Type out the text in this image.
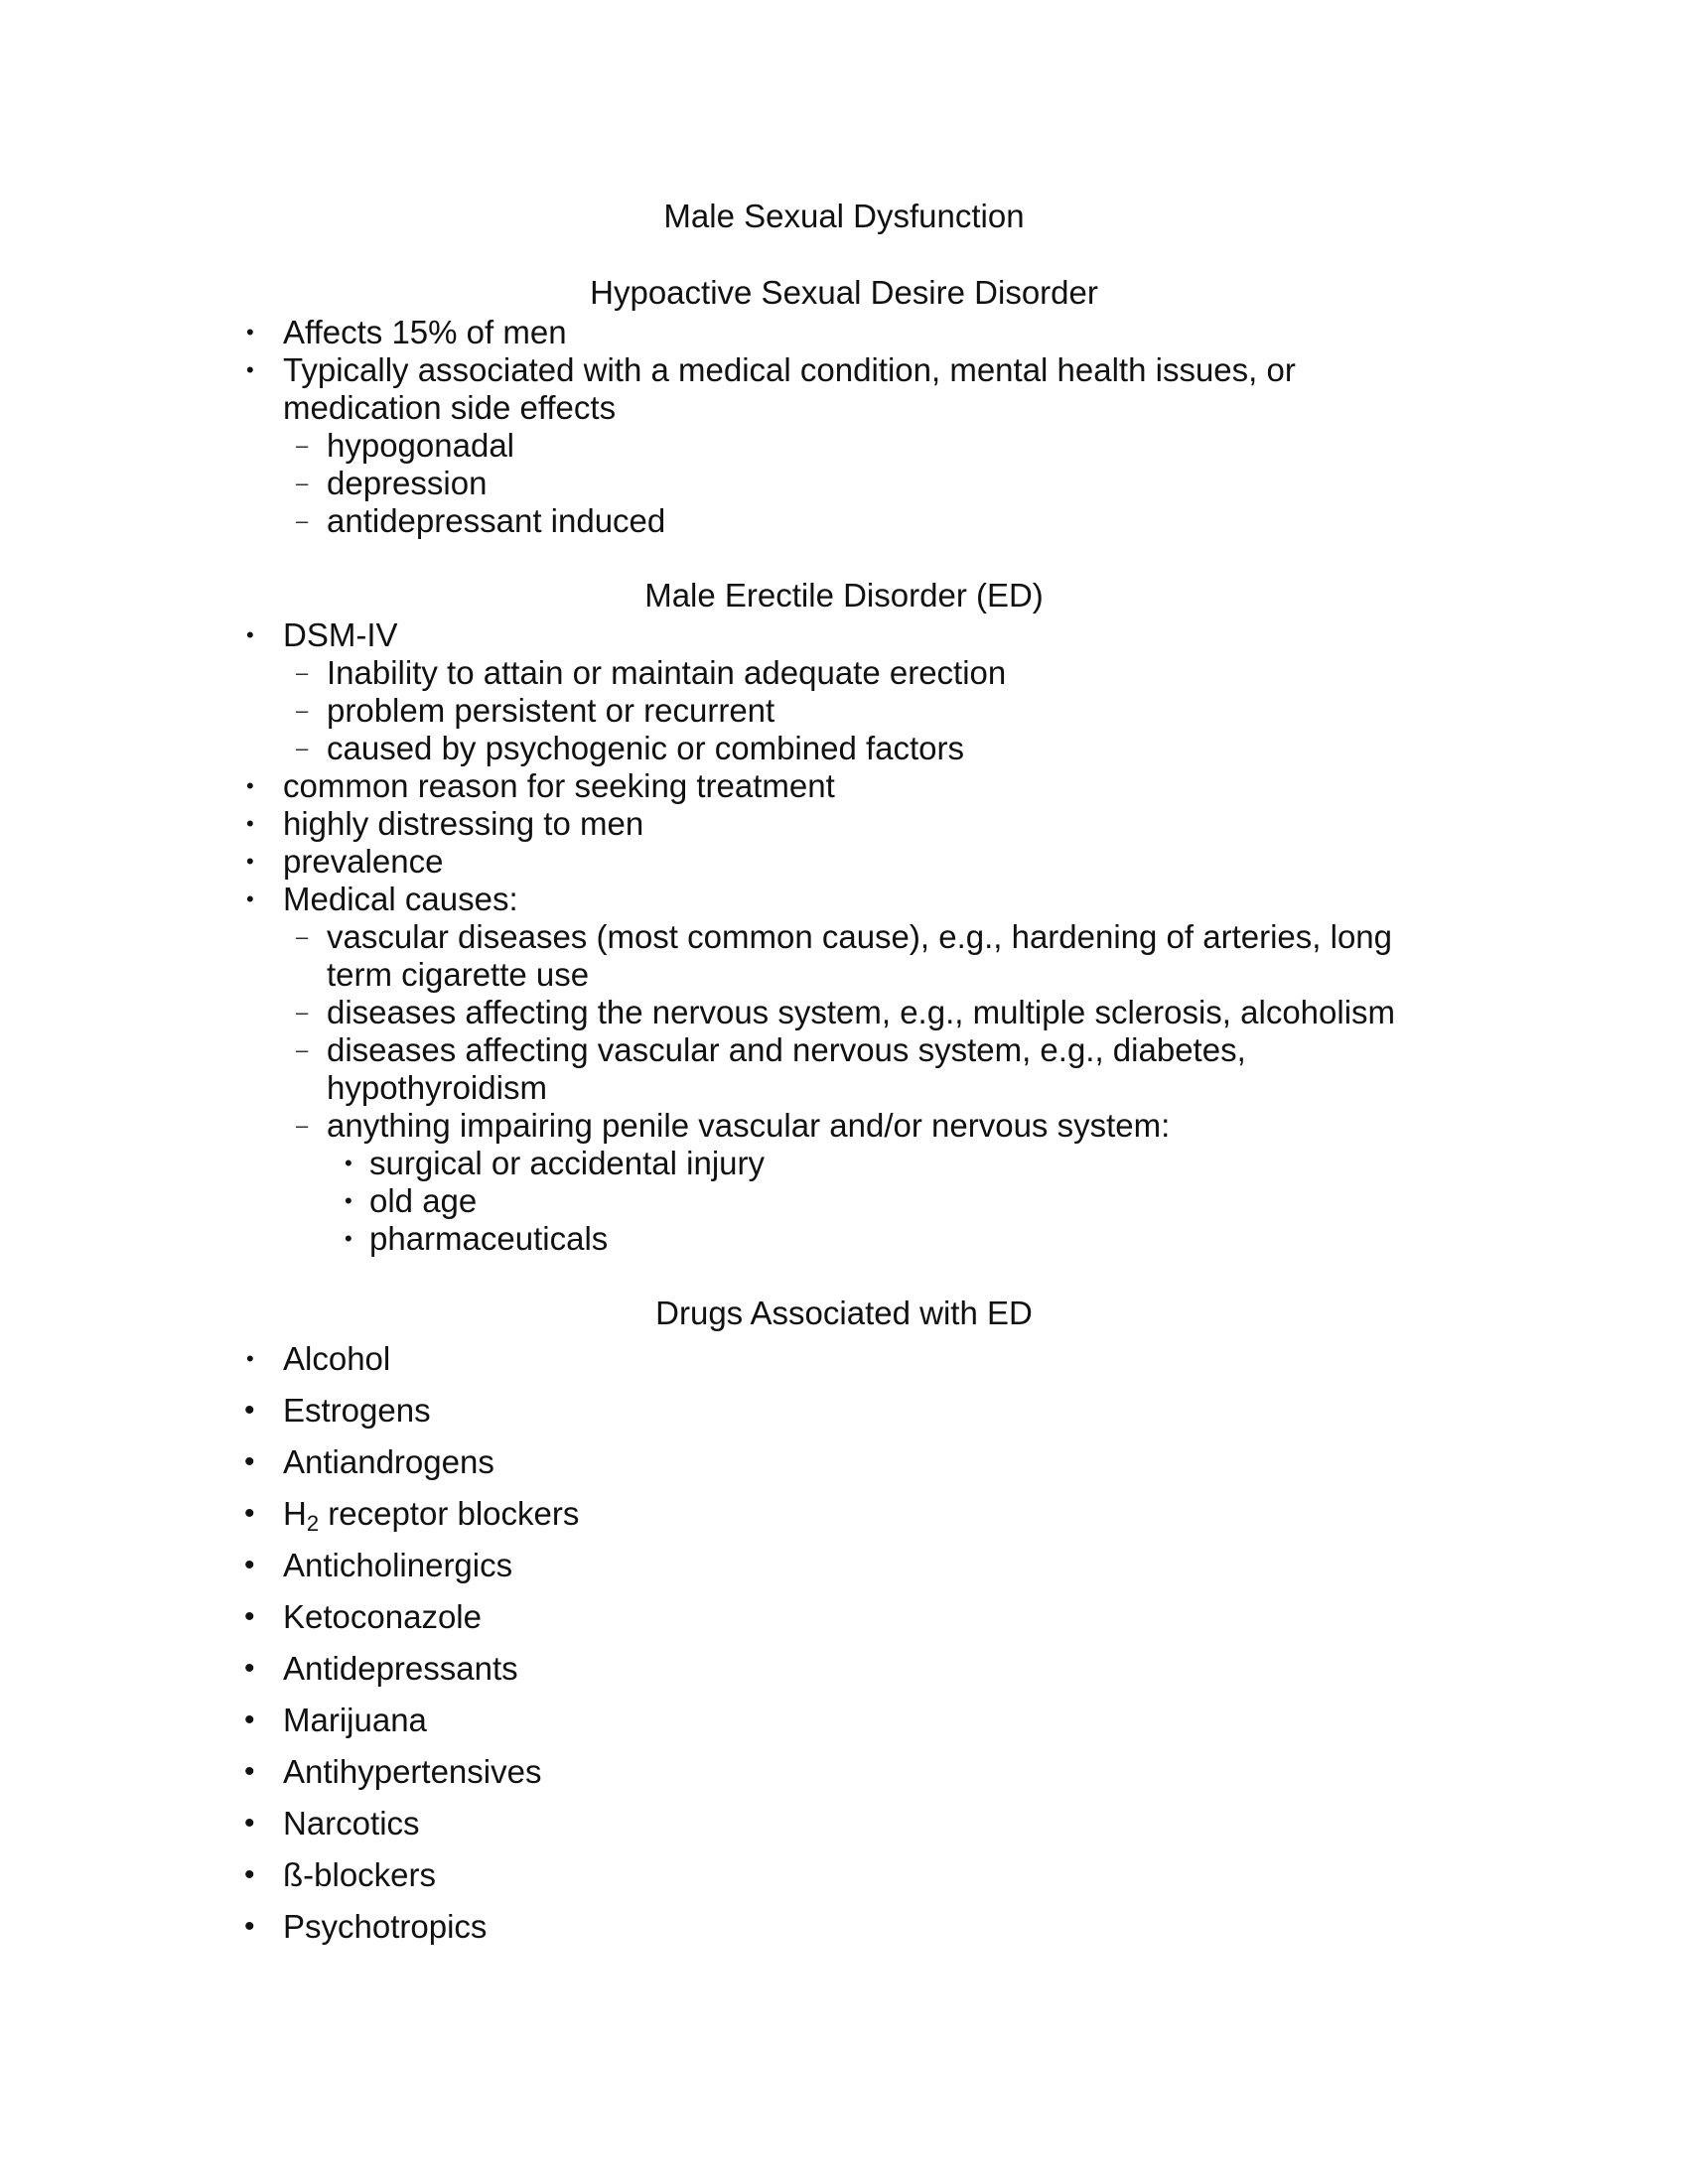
Male Sexual Dysfunction
Hypoactive Sexual Desire Disorder
• Affects 15% of men
• Typically associated with a medical condition, mental health issues, or
medication side effects
– hypogonadal
– depression
– antidepressant induced
Male Erectile Disorder (ED)
• DSM-IV
– Inability to attain or maintain adequate erection
– problem persistent or recurrent
– caused by psychogenic or combined factors
• common reason for seeking treatment
• highly distressing to men
• prevalence
• Medical causes:
– vascular diseases (most common cause), e.g., hardening of arteries, long
term cigarette use
– diseases affecting the nervous system, e.g., multiple sclerosis, alcoholism
– diseases affecting vascular and nervous system, e.g., diabetes,
hypothyroidism
– anything impairing penile vascular and/or nervous system:
• surgical or accidental injury
• old age
• pharmaceuticals
Drugs Associated with ED
• Alcohol
• Estrogens
• Antiandrogens
• $H_2$ receptor blockers
• Anticholinergics
• Ketoconazole
• Antidepressants
• Marijuana
• Antihypertensives
• Narcotics
• ß-blockers
• Psychotropics
